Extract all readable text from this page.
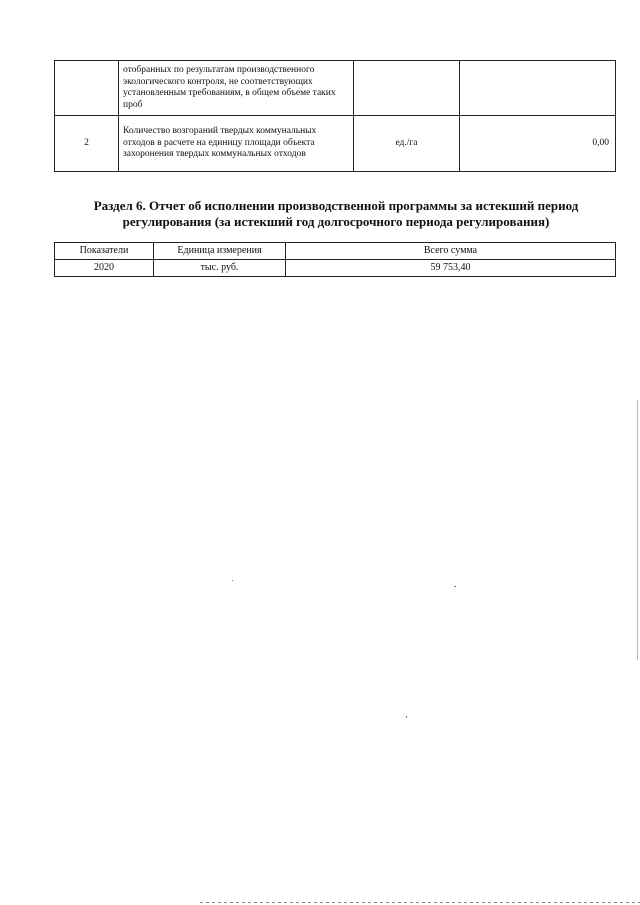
	отобранных по результатам производственного экологического контроля, не соответствующих установленным требованиям, в общем объеме таких проб		
2	Количество возгораний твердых коммунальных отходов в расчете на единицу площади объекта захоронения твердых коммунальных отходов	ед./га	0,00
Раздел 6. Отчет об исполнении производственной программы за истекший период регулирования (за истекший год долгосрочного периода регулирования)
Показатели	Единица измерения	Всего сумма
2020	тыс. руб.	59 753,40
